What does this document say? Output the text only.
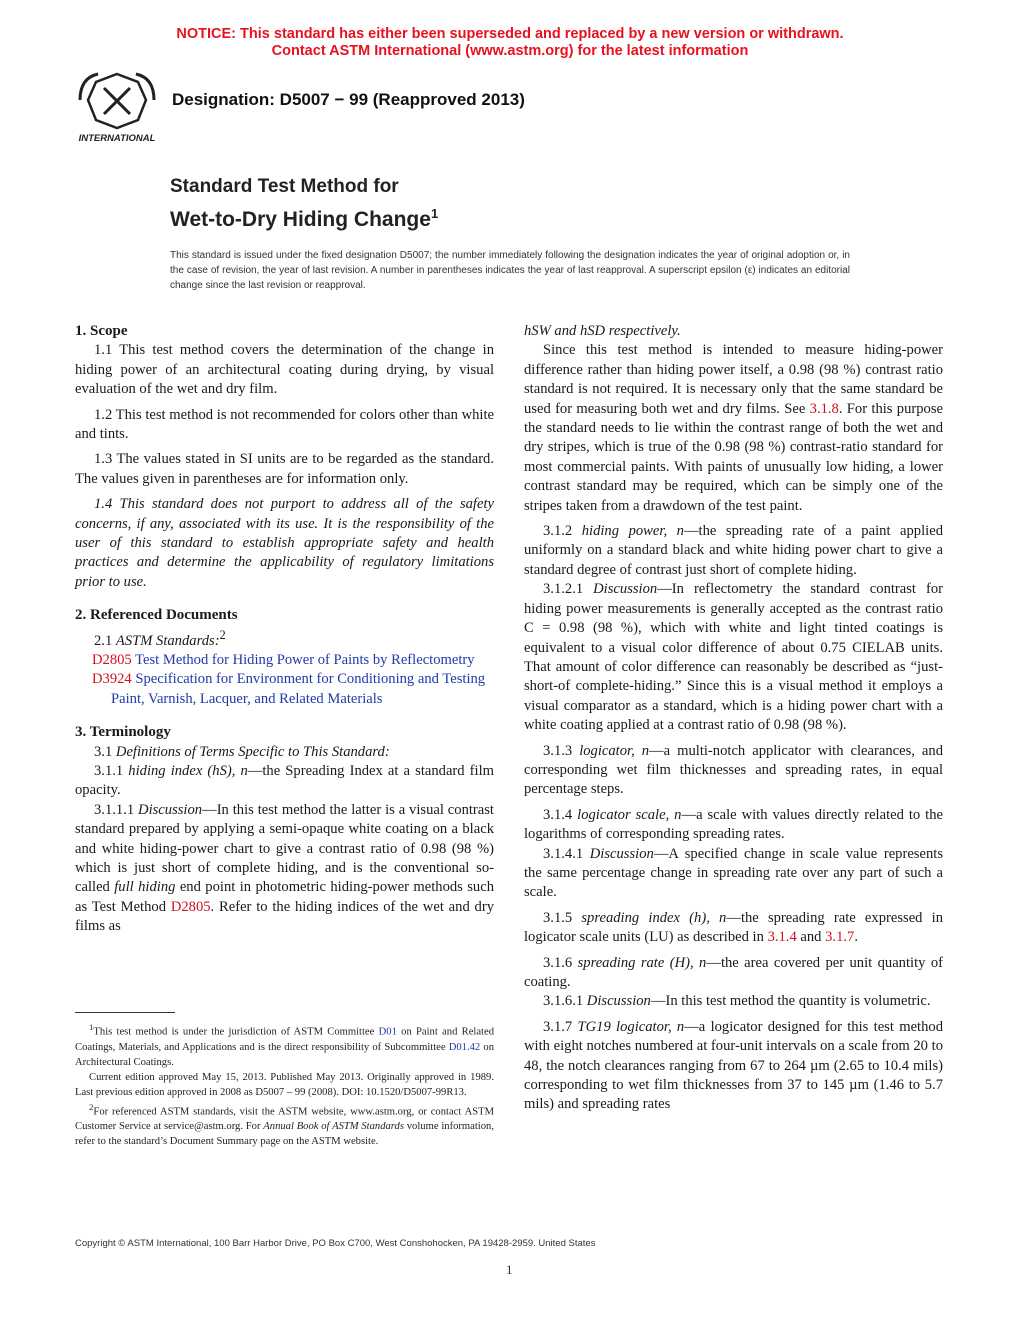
NOTICE: This standard has either been superseded and replaced by a new version or withdrawn.
Contact ASTM International (www.astm.org) for the latest information
INTERNATIONAL
Designation: D5007 − 99 (Reapproved 2013)
Standard Test Method for
Wet-to-Dry Hiding Change$^1$
This standard is issued under the fixed designation D5007; the number immediately following the designation indicates the year of original adoption or, in the case of revision, the year of last revision. A number in parentheses indicates the year of last reapproval. A superscript epsilon (ε) indicates an editorial change since the last revision or reapproval.

1. Scope

1.1 This test method covers the determination of the change in hiding power of an architectural coating during drying, by visual evaluation of the wet and dry film.

1.2 This test method is not recommended for colors other than white and tints.

1.3 The values stated in SI units are to be regarded as the standard. The values given in parentheses are for information only.

1.4 This standard does not purport to address all of the safety concerns, if any, associated with its use. It is the responsibility of the user of this standard to establish appropriate safety and health practices and determine the applicability of regulatory limitations prior to use.

2. Referenced Documents

2.1 ASTM Standards:$^2$

D2805 Test Method for Hiding Power of Paints by Reflectometry

D3924 Specification for Environment for Conditioning and Testing Paint, Varnish, Lacquer, and Related Materials

3. Terminology

3.1 Definitions of Terms Specific to This Standard:

3.1.1 hiding index (hS), n—the Spreading Index at a standard film opacity.

3.1.1.1 Discussion—In this test method the latter is a visual contrast standard prepared by applying a semi-opaque white coating on a black and white hiding-power chart to give a contrast ratio of 0.98 (98 %) which is just short of complete hiding, and is the conventional so-called full hiding end point in photometric hiding-power methods such as Test Method D2805. Refer to the hiding indices of the wet and dry films as

$^1$This test method is under the jurisdiction of ASTM Committee D01 on Paint and Related Coatings, Materials, and Applications and is the direct responsibility of Subcommittee D01.42 on Architectural Coatings.

Current edition approved May 15, 2013. Published May 2013. Originally approved in 1989. Last previous edition approved in 2008 as D5007 – 99 (2008). DOI: 10.1520/D5007-99R13.

$^2$For referenced ASTM standards, visit the ASTM website, www.astm.org, or contact ASTM Customer Service at service@astm.org. For Annual Book of ASTM Standards volume information, refer to the standard’s Document Summary page on the ASTM website.

hSW and hSD respectively.

Since this test method is intended to measure hiding-power difference rather than hiding power itself, a 0.98 (98 %) contrast ratio standard is not required. It is necessary only that the same standard be used for measuring both wet and dry films. See 3.1.8. For this purpose the standard needs to lie within the contrast range of both the wet and dry stripes, which is true of the 0.98 (98 %) contrast-ratio standard for most commercial paints. With paints of unusually low hiding, a lower contrast standard may be required, which can be simply one of the stripes taken from a drawdown of the test paint.

3.1.2 hiding power, n—the spreading rate of a paint applied uniformly on a standard black and white hiding power chart to give a standard degree of contrast just short of complete hiding.

3.1.2.1 Discussion—In reflectometry the standard contrast for hiding power measurements is generally accepted as the contrast ratio C = 0.98 (98 %), which with white and light tinted coatings is equivalent to a visual color difference of about 0.75 CIELAB units. That amount of color difference can reasonably be described as “just-short-of complete-hiding.” Since this is a visual method it employs a visual comparator as a standard, which is a hiding power chart with a white coating applied at a contrast ratio of 0.98 (98 %).

3.1.3 logicator, n—a multi-notch applicator with clearances, and corresponding wet film thicknesses and spreading rates, in equal percentage steps.

3.1.4 logicator scale, n—a scale with values directly related to the logarithms of corresponding spreading rates.

3.1.4.1 Discussion—A specified change in scale value represents the same percentage change in spreading rate over any part of such a scale.

3.1.5 spreading index (h), n—the spreading rate expressed in logicator scale units (LU) as described in 3.1.4 and 3.1.7.

3.1.6 spreading rate (H), n—the area covered per unit quantity of coating.

3.1.6.1 Discussion—In this test method the quantity is volumetric.

3.1.7 TG19 logicator, n—a logicator designed for this test method with eight notches numbered at four-unit intervals on a scale from 20 to 48, the notch clearances ranging from 67 to 264 µm (2.65 to 10.4 mils) corresponding to wet film thicknesses from 37 to 145 µm (1.46 to 5.7 mils) and spreading rates

Copyright © ASTM International, 100 Barr Harbor Drive, PO Box C700, West Conshohocken, PA 19428-2959. United States
1
